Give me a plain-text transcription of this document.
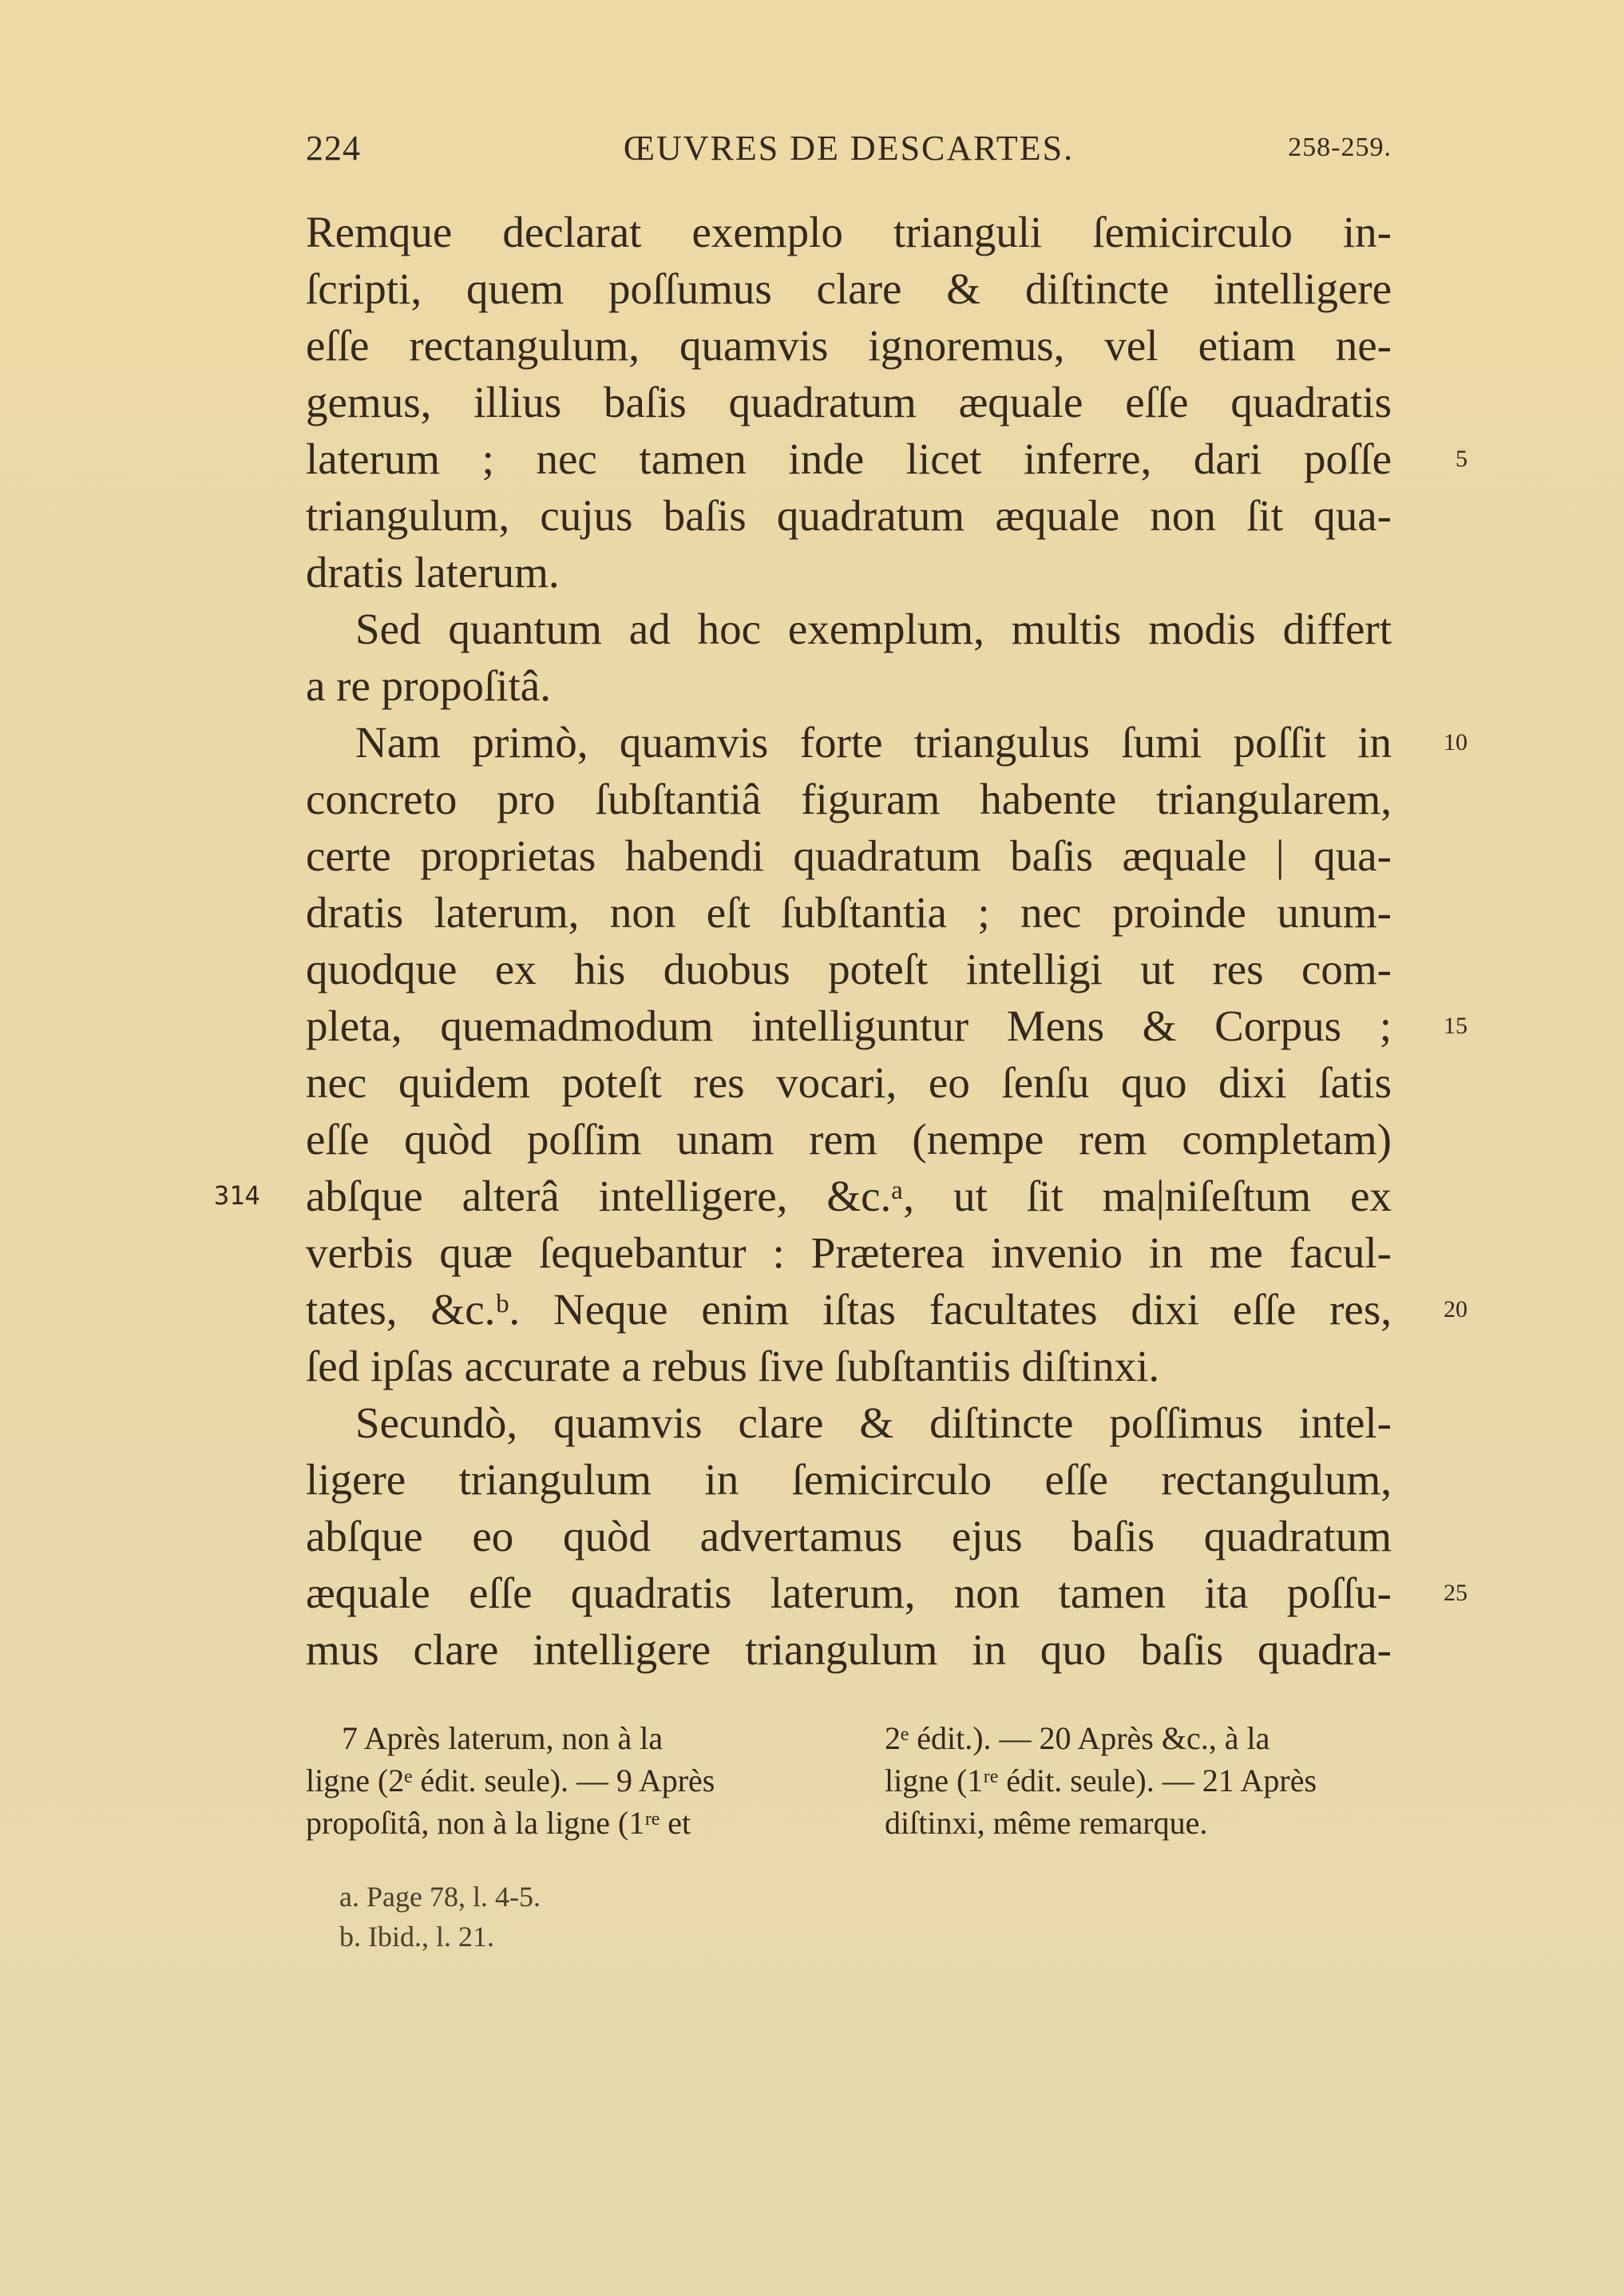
224	ŒUVRES DE DESCARTES.	258-259.
Remque declarat exemplo trianguli ſemicirculo in-
ſcripti, quem poſſumus clare & diſtincte intelligere
eſſe rectangulum, quamvis ignoremus, vel etiam ne-
gemus, illius baſis quadratum æquale eſſe quadratis
laterum ; nec tamen inde licet inferre, dari poſſe	5
triangulum, cujus baſis quadratum æquale non ſit qua-
dratis laterum.
Sed quantum ad hoc exemplum, multis modis differt
a re propoſitâ.
Nam primò, quamvis forte triangulus ſumi poſſit in	10
concreto pro ſubſtantiâ figuram habente triangularem,
certe proprietas habendi quadratum baſis æquale | qua-
dratis laterum, non eſt ſubſtantia ; nec proinde unum-
quodque ex his duobus poteſt intelligi ut res com-
pleta, quemadmodum intelliguntur Mens & Corpus ; 15
nec quidem poteſt res vocari, eo ſenſu quo dixi ſatis
eſſe quòd poſſim unam rem (nempe rem completam)
abſque alterâ intelligere, &c.ᵃ, ut ſit ma|niſeſtum ex
314
verbis quæ ſequebantur : Præterea invenio in me facul-
tates, &c.ᵇ. Neque enim iſtas facultates dixi eſſe res, 20
ſed ipſas accurate a rebus ſive ſubſtantiis diſtinxi.
Secundò, quamvis clare & diſtincte poſſimus intel-
ligere triangulum in ſemicirculo eſſe rectangulum,
abſque eo quòd advertamus ejus baſis quadratum
æquale eſſe quadratis laterum, non tamen ita poſſu- 25
mus clare intelligere triangulum in quo baſis quadra-
7 Après laterum, non à la
ligne (2ᵉ édit. seule). — 9 Après
propoſitâ, non à la ligne (1ʳᵉ et
2ᵉ édit.). — 20 Après &c., à la
ligne (1ʳᵉ édit. seule). — 21 Après
diſtinxi, même remarque.
a. Page 78, l. 4-5.
b. Ibid., l. 21.
